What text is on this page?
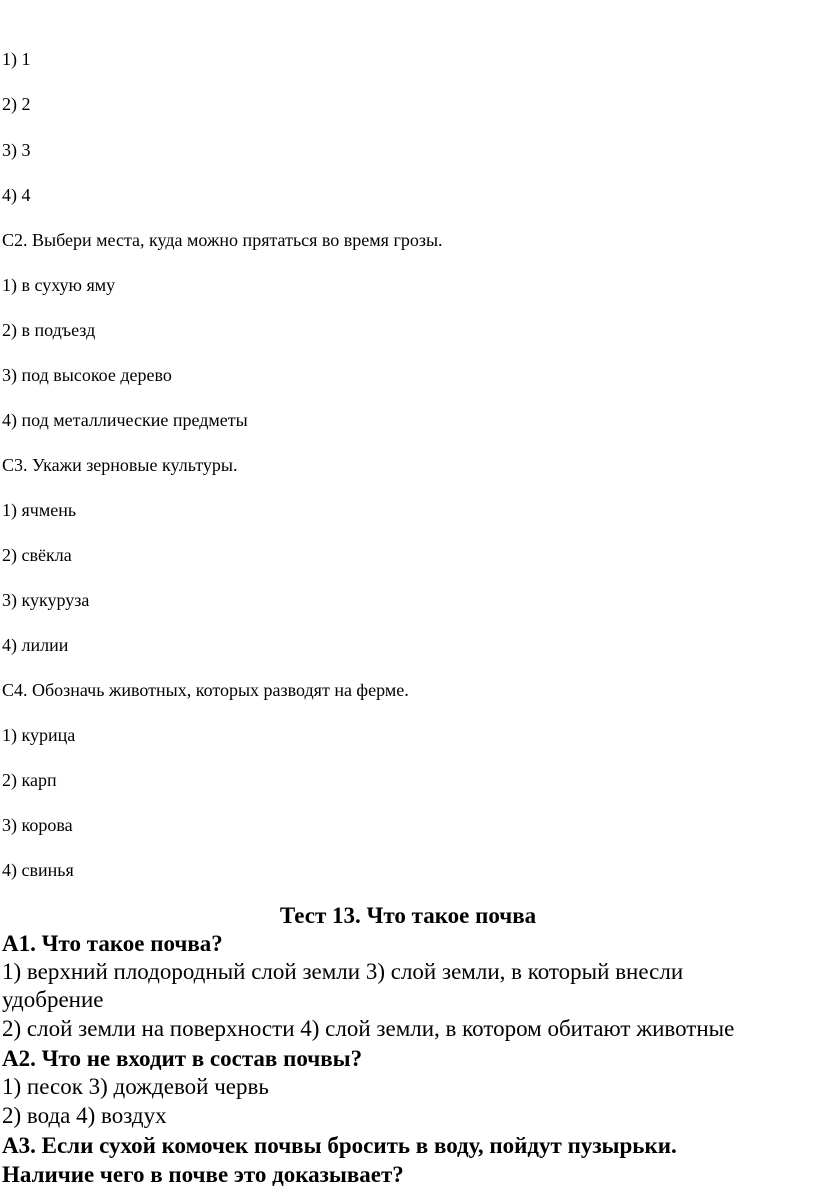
1) 1
2) 2
3) 3
4) 4
С2. Выбери места, куда можно прятаться во время грозы.
1) в сухую яму
2) в подъезд
3) под высокое дерево
4) под металлические предметы
С3. Укажи зерновые культуры.
1) ячмень
2) свёкла
3) кукуруза
4) лилии
С4. Обозначь животных, которых разводят на ферме.
1) курица
2) карп
3) корова
4) свинья
Тест 13. Что такое почва
А1. Что такое почва?
1) верхний плодородный слой земли 3) слой земли, в который внесли
удобрение
2) слой земли на поверхности 4) слой земли, в котором обитают животные
А2. Что не входит в состав почвы?
1) песок 3) дождевой червь
2) вода 4) воздух
А3. Если сухой комочек почвы бросить в воду, пойдут пузырьки.
Наличие чего в почве это доказывает?
